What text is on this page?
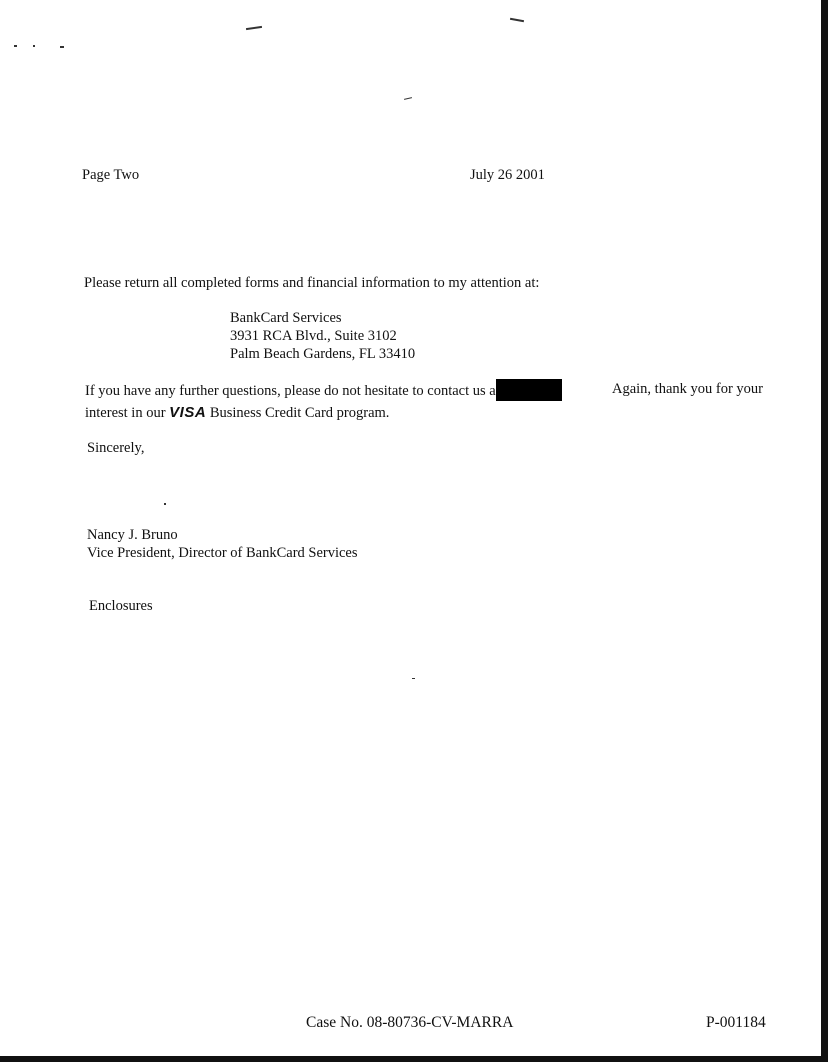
Page Two	July 26 2001
Please return all completed forms and financial information to my attention at:
BankCard Services
3931 RCA Blvd., Suite 3102
Palm Beach Gardens, FL 33410
If you have any further questions, please do not hesitate to contact us a	Again, thank you for your
interest in our VISA Business Credit Card program.
Sincerely,
Nancy J. Bruno
Vice President, Director of BankCard Services
Enclosures
Case No. 08-80736-CV-MARRA	P-001184
